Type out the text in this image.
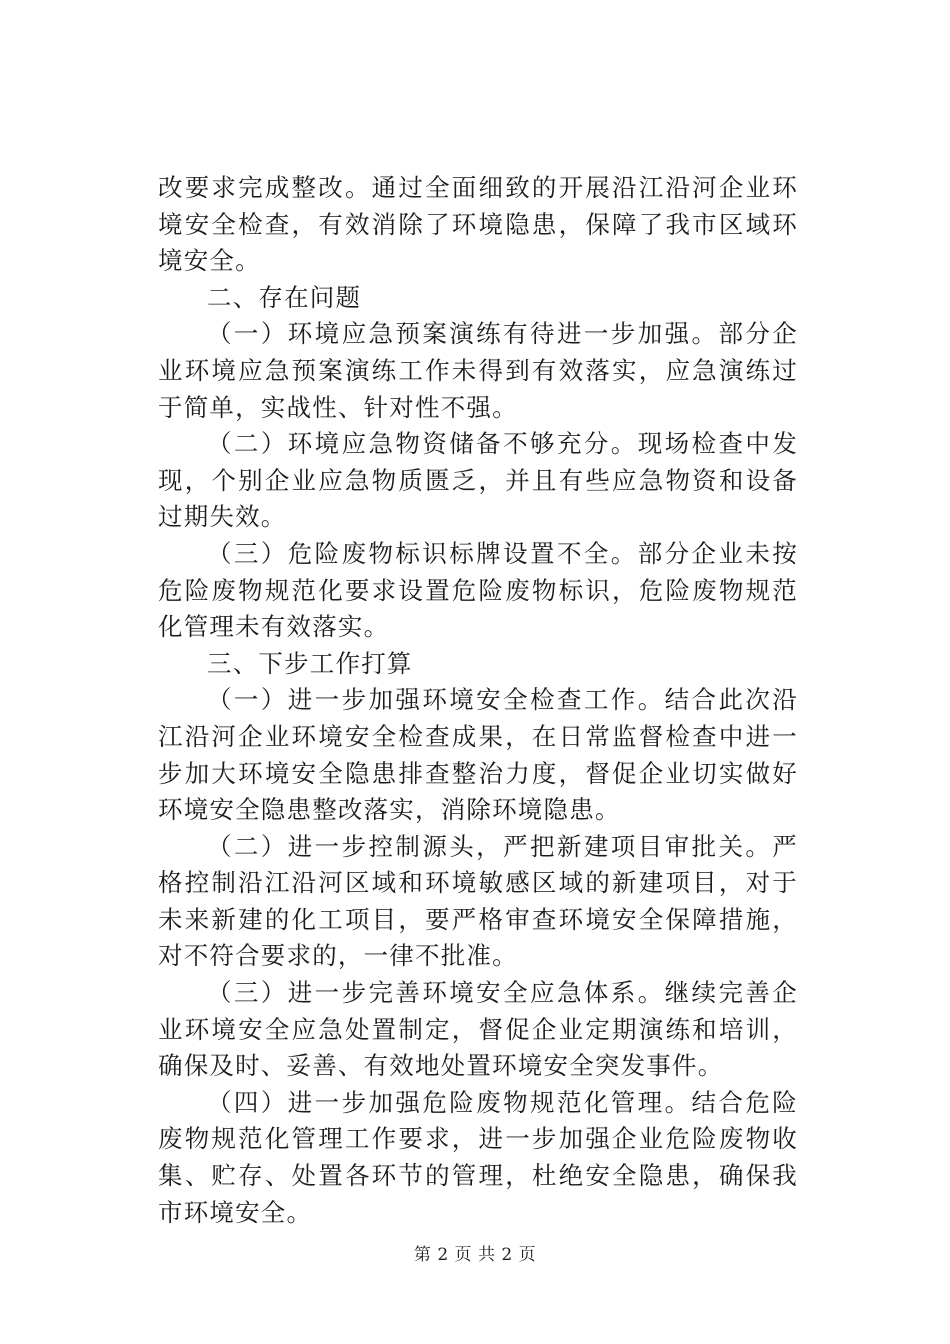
改要求完成整改。通过全面细致的开展沿江沿河企业环境安全检查，有效消除了环境隐患，保障了我市区域环境安全。

二、存在问题

（一）环境应急预案演练有待进一步加强。部分企业环境应急预案演练工作未得到有效落实，应急演练过于简单，实战性、针对性不强。

（二）环境应急物资储备不够充分。现场检查中发现，个别企业应急物质匮乏，并且有些应急物资和设备过期失效。

（三）危险废物标识标牌设置不全。部分企业未按危险废物规范化要求设置危险废物标识，危险废物规范化管理未有效落实。

三、下步工作打算

（一）进一步加强环境安全检查工作。结合此次沿江沿河企业环境安全检查成果，在日常监督检查中进一步加大环境安全隐患排查整治力度，督促企业切实做好环境安全隐患整改落实，消除环境隐患。

（二）进一步控制源头，严把新建项目审批关。严格控制沿江沿河区域和环境敏感区域的新建项目，对于未来新建的化工项目，要严格审查环境安全保障措施，对不符合要求的，一律不批准。

（三）进一步完善环境安全应急体系。继续完善企业环境安全应急处置制定，督促企业定期演练和培训，确保及时、妥善、有效地处置环境安全突发事件。

（四）进一步加强危险废物规范化管理。结合危险废物规范化管理工作要求，进一步加强企业危险废物收集、贮存、处置各环节的管理，杜绝安全隐患，确保我市环境安全。

第 2 页 共 2 页
